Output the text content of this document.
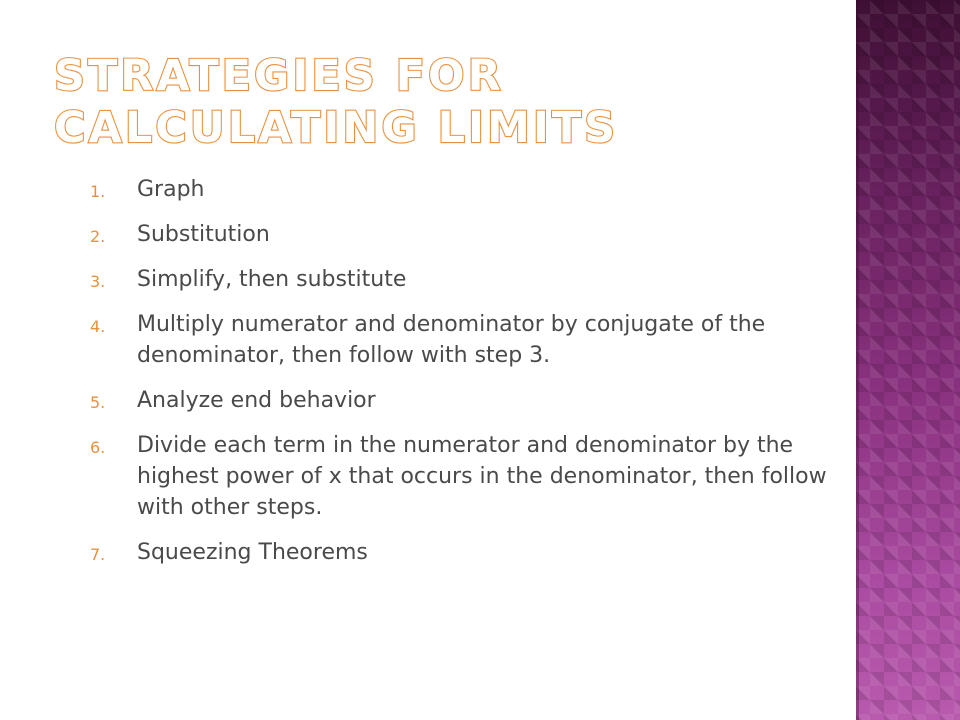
STRATEGIES FOR CALCULATING LIMITS
1. Graph
2. Substitution
3. Simplify, then substitute
4. Multiply numerator and denominator by conjugate of the denominator, then follow with step 3.
5. Analyze end behavior
6. Divide each term in the numerator and denominator by the highest power of x that occurs in the denominator, then follow with other steps.
7. Squeezing Theorems
